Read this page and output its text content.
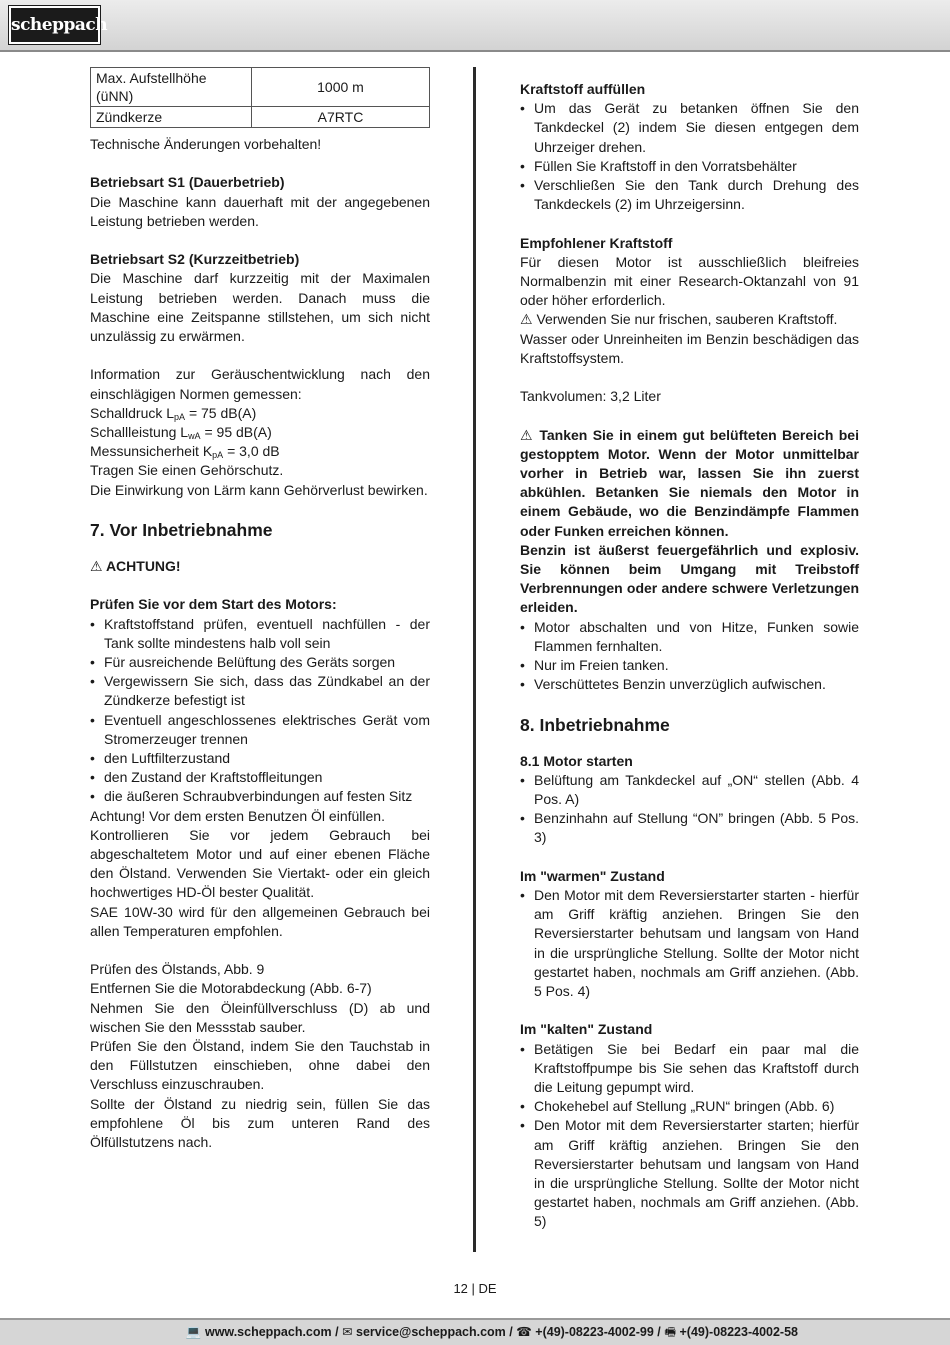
scheppach
Max. Aufstellhöhe (üNN)	1000 m
Zündkerze	A7RTC

Technische Änderungen vorbehalten!

Betriebsart S1 (Dauerbetrieb)

Die Maschine kann dauerhaft mit der angegebenen Leistung betrieben werden.

Betriebsart S2 (Kurzzeitbetrieb)

Die Maschine darf kurzzeitig mit der Maximalen Leistung betrieben werden. Danach muss die Maschine eine Zeitspanne stillstehen, um sich nicht unzulässig zu erwärmen.

Information zur Geräuschentwicklung nach den einschlägigen Normen gemessen:

Schalldruck $L_{pA} = 75$ dB(A)

Schallleistung $L_{wA} = 95$ dB(A)

Messunsicherheit $K_{pA} = 3,0$ dB

Tragen Sie einen Gehörschutz.

Die Einwirkung von Lärm kann Gehörverlust bewirken.

7. Vor Inbetriebnahme

⚠ ACHTUNG!

Prüfen Sie vor dem Start des Motors:

• Kraftstoffstand prüfen, eventuell nachfüllen - der Tank sollte mindestens halb voll sein
• Für ausreichende Belüftung des Geräts sorgen
• Vergewissern Sie sich, dass das Zündkabel an der Zündkerze befestigt ist
• Eventuell angeschlossenes elektrisches Gerät vom Stromerzeuger trennen
• den Luftfilterzustand
• den Zustand der Kraftstoffleitungen
• die äußeren Schraubverbindungen auf festen Sitz

Achtung! Vor dem ersten Benutzen Öl einfüllen.

Kontrollieren Sie vor jedem Gebrauch bei abgeschaltetem Motor und auf einer ebenen Fläche den Ölstand. Verwenden Sie Viertakt- oder ein gleich hochwertiges HD-Öl bester Qualität.

SAE 10W-30 wird für den allgemeinen Gebrauch bei allen Temperaturen empfohlen.

Prüfen des Ölstands, Abb. 9

Entfernen Sie die Motorabdeckung (Abb. 6-7)

Nehmen Sie den Öleinfüllverschluss (D) ab und wischen Sie den Messstab sauber.

Prüfen Sie den Ölstand, indem Sie den Tauchstab in den Füllstutzen einschieben, ohne dabei den Verschluss einzuschrauben.

Sollte der Ölstand zu niedrig sein, füllen Sie das empfohlene Öl bis zum unteren Rand des Ölfüllstutzens nach.

Kraftstoff auffüllen

• Um das Gerät zu betanken öffnen Sie den Tankdeckel (2) indem Sie diesen entgegen dem Uhrzeiger drehen.
• Füllen Sie Kraftstoff in den Vorratsbehälter
• Verschließen Sie den Tank durch Drehung des Tankdeckels (2) im Uhrzeigersinn.

Empfohlener Kraftstoff

Für diesen Motor ist ausschließlich bleifreies Normalbenzin mit einer Research-Oktanzahl von 91 oder höher erforderlich.

⚠ Verwenden Sie nur frischen, sauberen Kraftstoff.

Wasser oder Unreinheiten im Benzin beschädigen das Kraftstoffsystem.

Tankvolumen: 3,2 Liter

⚠ Tanken Sie in einem gut belüfteten Bereich bei gestopptem Motor. Wenn der Motor unmittelbar vorher in Betrieb war, lassen Sie ihn zuerst abkühlen. Betanken Sie niemals den Motor in einem Gebäude, wo die Benzindämpfe Flammen oder Funken erreichen können.

Benzin ist äußerst feuergefährlich und explosiv. Sie können beim Umgang mit Treibstoff Verbrennungen oder andere schwere Verletzungen erleiden.

• Motor abschalten und von Hitze, Funken sowie Flammen fernhalten.
• Nur im Freien tanken.
• Verschüttetes Benzin unverzüglich aufwischen.
8. Inbetriebnahme

8.1 Motor starten

• Belüftung am Tankdeckel auf „ON“ stellen (Abb. 4 Pos. A)
• Benzinhahn auf Stellung “ON” bringen (Abb. 5 Pos. 3)

Im "warmen" Zustand

• Den Motor mit dem Reversierstarter starten - hierfür am Griff kräftig anziehen. Bringen Sie den Reversierstarter behutsam und langsam von Hand in die ursprüngliche Stellung. Sollte der Motor nicht gestartet haben, nochmals am Griff anziehen. (Abb. 5 Pos. 4)

Im "kalten" Zustand

• Betätigen Sie bei Bedarf ein paar mal die Kraftstoffpumpe bis Sie sehen das Kraftstoff durch die Leitung gepumpt wird.
• Chokehebel auf Stellung „RUN“ bringen (Abb. 6)
• Den Motor mit dem Reversierstarter starten; hierfür am Griff kräftig anziehen. Bringen Sie den Reversierstarter behutsam und langsam von Hand in die ursprüngliche Stellung. Sollte der Motor nicht gestartet haben, nochmals am Griff anziehen. (Abb. 5)
12 | DE
💻 www.scheppach.com / ✉ service@scheppach.com / ☎ +(49)-08223-4002-99 / 🖷 +(49)-08223-4002-58
